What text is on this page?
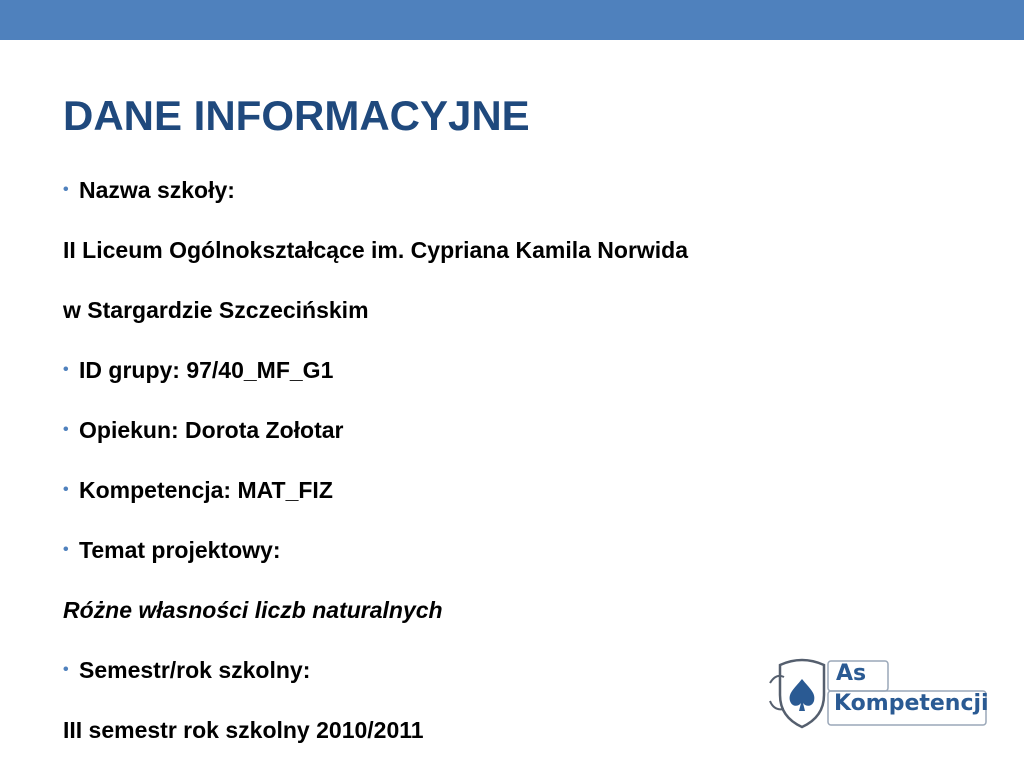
DANE INFORMACYJNE
• Nazwa szkoły:
II Liceum Ogólnokształcące im. Cypriana Kamila Norwida
w Stargardzie Szczecińskim
• ID grupy: 97/40_MF_G1
• Opiekun: Dorota Zołotar
• Kompetencja: MAT_FIZ
• Temat projektowy:
Różne własności liczb naturalnych
• Semestr/rok szkolny:
III semestr rok szkolny 2010/2011
As
Kompetencji
